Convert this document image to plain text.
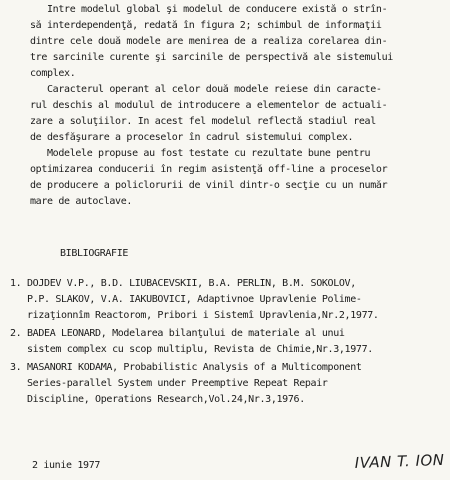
Intre modelul global şi modelul de conducere există o strîn-
să interdependenţă, redată în figura 2; schimbul de informaţii
dintre cele două modele are menirea de a realiza corelarea din-
tre sarcinile curente şi sarcinile de perspectivă ale sistemului
complex.
Caracterul operant al celor două modele reiese din caracte-
rul deschis al modulul de introducere a elementelor de actuali-
zare a soluţiilor. In acest fel modelul reflectă stadiul real
de desfăşurare a proceselor în cadrul sistemului complex.
Modelele propuse au fost testate cu rezultate bune pentru
optimizarea conducerii în regim asistenţă off-line a proceselor
de producere a policlorurii de vinil dintr-o secţie cu un număr
mare de autoclave.
BIBLIOGRAFIE
1. DOJDEV V.P., B.D. LIUBACEVSKII, B.A. PERLIN, B.M. SOKOLOV,
P.P. SLAKOV, V.A. IAKUBOVICI, Adaptivnoe Upravlenie Polime-
rizaţionnîm Reactorom, Pribori i Sistemî Upravlenia,Nr.2,1977.
2. BADEA LEONARD, Modelarea bilanţului de materiale al unui
sistem complex cu scop multiplu, Revista de Chimie,Nr.3,1977.
3. MASANORI KODAMA, Probabilistic Analysis of a Multicomponent
Series-parallel System under Preemptive Repeat Repair
Discipline, Operations Research,Vol.24,Nr.3,1976.
2 iunie 1977	IVAN T. ION
